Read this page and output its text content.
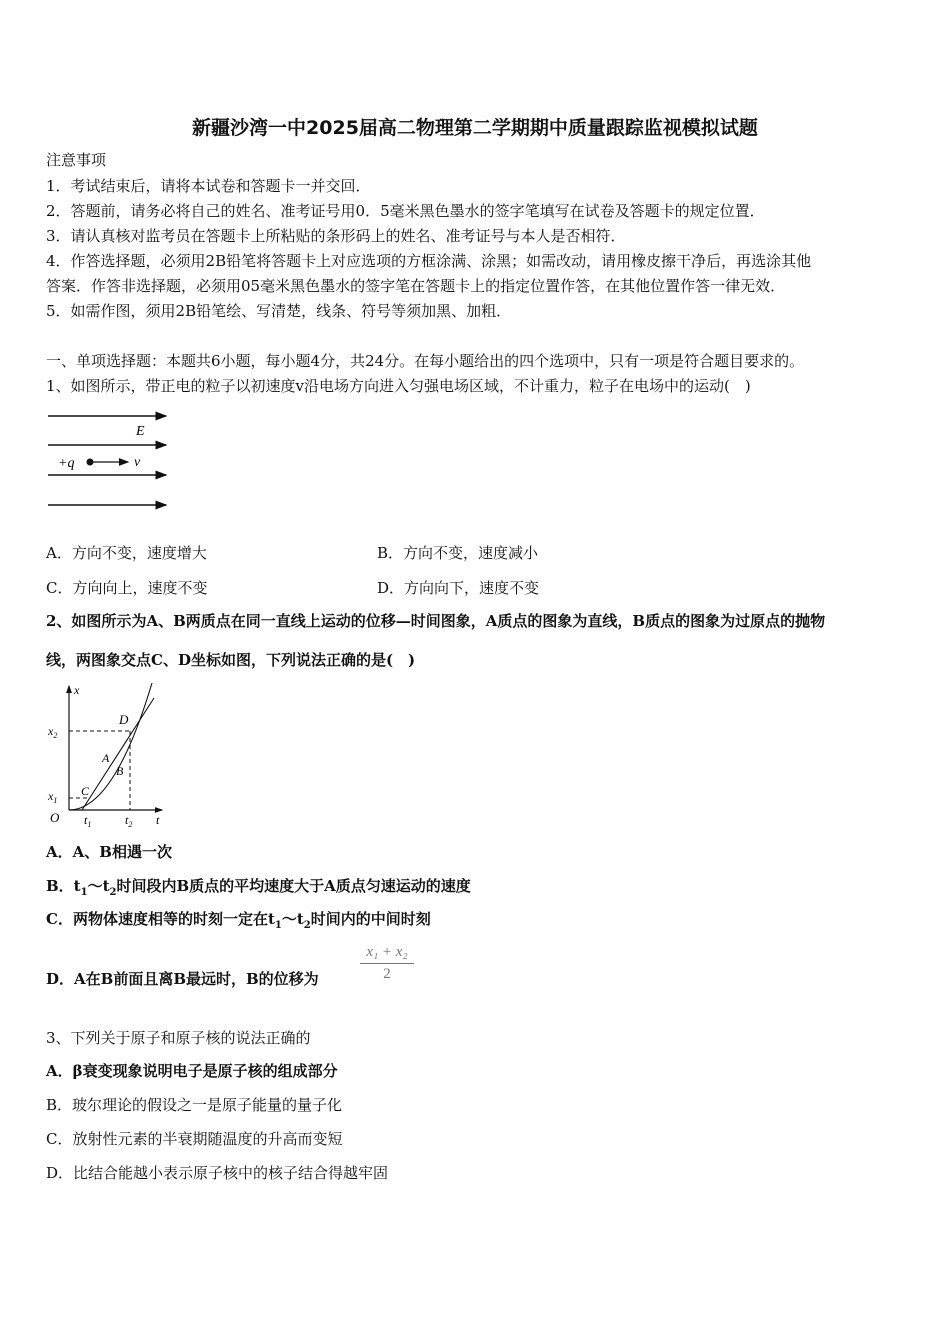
新疆沙湾一中2025届高二物理第二学期期中质量跟踪监视模拟试题
注意事项
1．考试结束后，请将本试卷和答题卡一并交回．
2．答题前，请务必将自己的姓名、准考证号用0．5毫米黑色墨水的签字笔填写在试卷及答题卡的规定位置．
3．请认真核对监考员在答题卡上所粘贴的条形码上的姓名、准考证号与本人是否相符．
4．作答选择题，必须用2B铅笔将答题卡上对应选项的方框涂满、涂黑；如需改动，请用橡皮擦干净后，再选涂其他
答案．作答非选择题，必须用05毫米黑色墨水的签字笔在答题卡上的指定位置作答，在其他位置作答一律无效．
5．如需作图，须用2B铅笔绘、写清楚，线条、符号等须加黑、加粗．
一、单项选择题：本题共6小题，每小题4分，共24分。在每小题给出的四个选项中，只有一项是符合题目要求的。
1、如图所示，带正电的粒子以初速度v沿电场方向进入匀强电场区域，不计重力，粒子在电场中的运动(　)
E
+q	v
A．方向不变，速度增大	B．方向不变，速度减小
C．方向向上，速度不变	D．方向向下，速度不变
2、如图所示为A、B两质点在同一直线上运动的位移—时间图象，A质点的图象为直线，B质点的图象为过原点的抛物
线，两图象交点C、D坐标如图，下列说法正确的是(　)
x
t
O
$x_2$
$x_1$
$t_1$	$t_2$
D
A
B
C
A．A、B相遇一次
B．$t_1\sim t_2$时间段内B质点的平均速度大于A质点匀速运动的速度
C．两物体速度相等的时刻一定在$t_1\sim t_2$时间内的中间时刻
D．A在B前面且离B最远时，B的位移为	$\frac{\text{x₁ + x₂}}{2}$
3、下列关于原子和原子核的说法正确的
A．β衰变现象说明电子是原子核的组成部分
B．玻尔理论的假设之一是原子能量的量子化
C．放射性元素的半衰期随温度的升高而变短
D．比结合能越小表示原子核中的核子结合得越牢固
